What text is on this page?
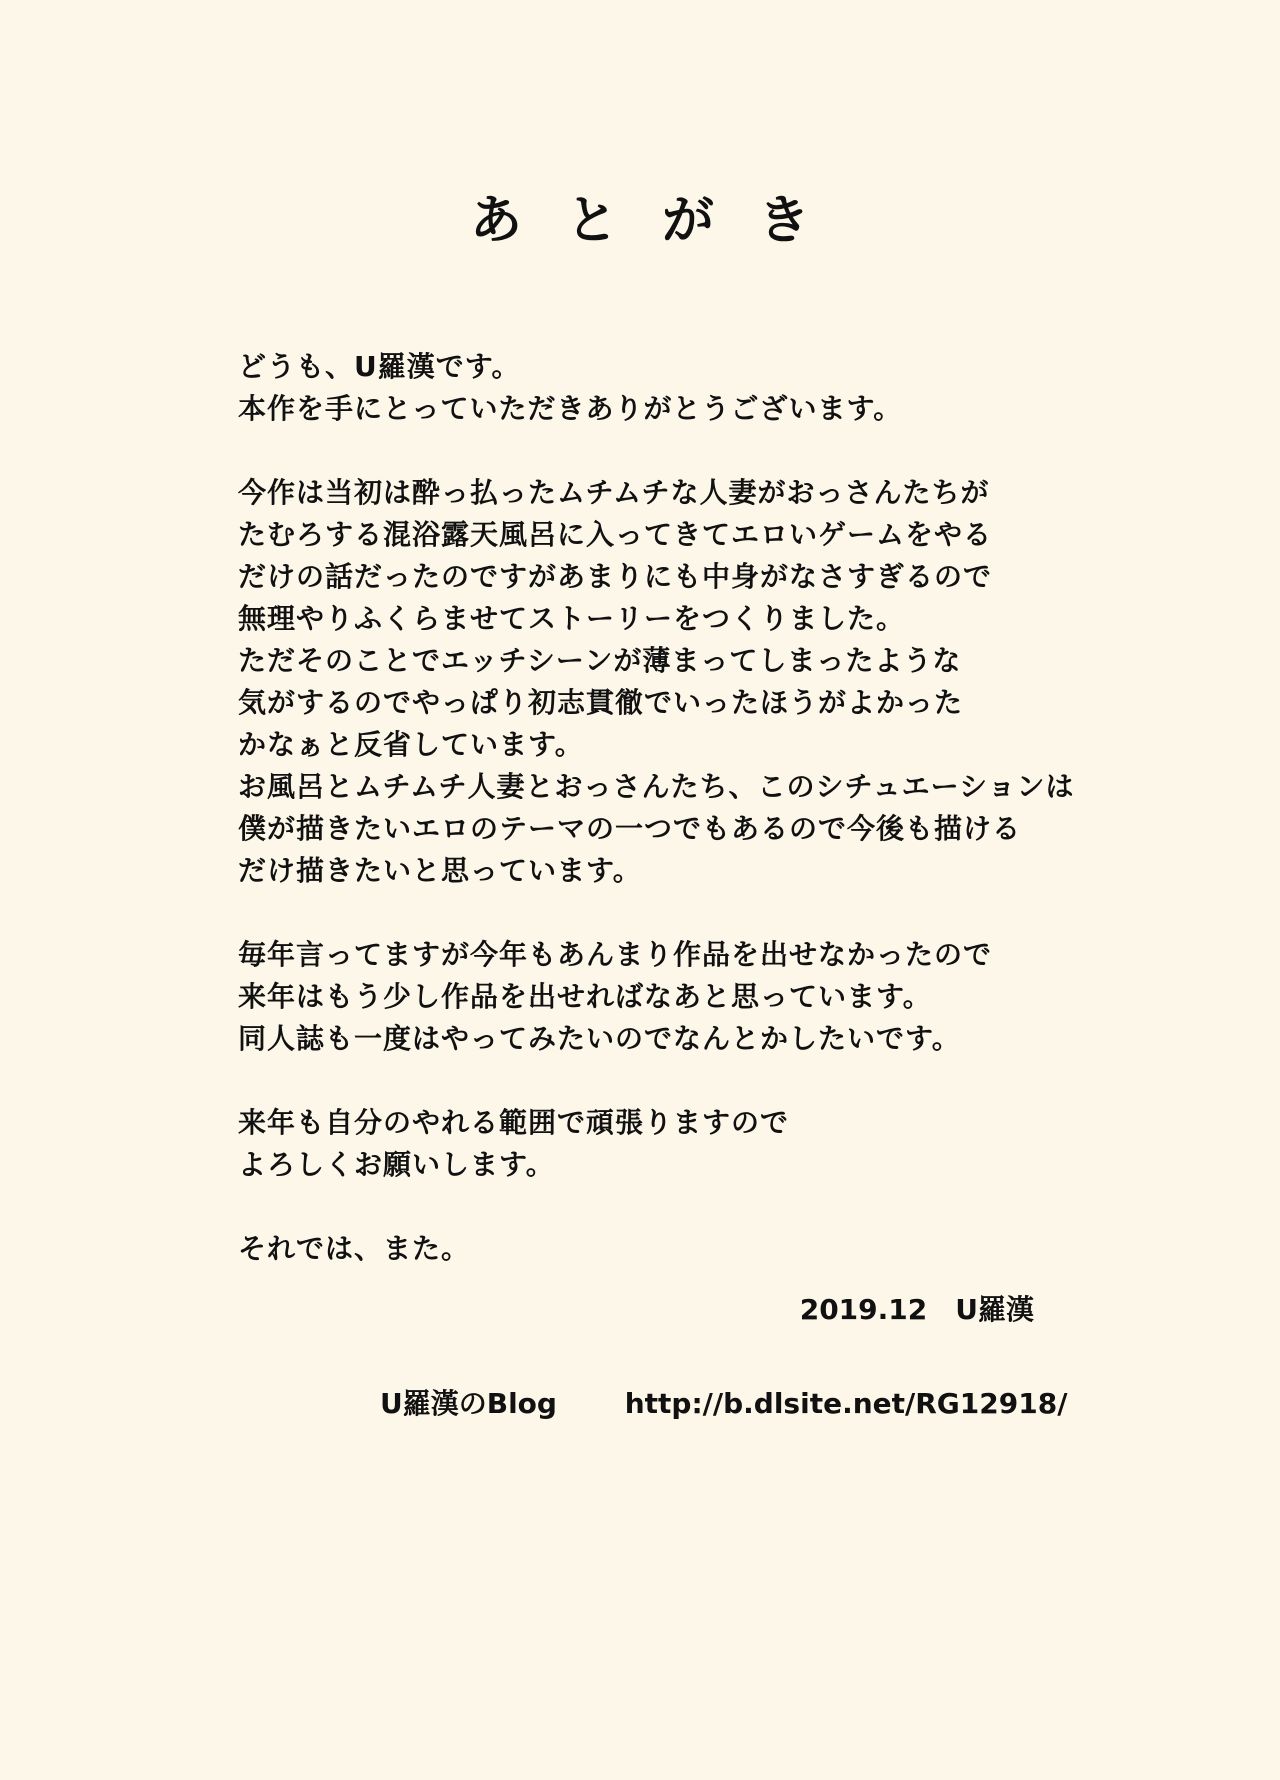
あとがき
どうも、U羅漢です。
本作を手にとっていただきありがとうございます。
今作は当初は酔っ払ったムチムチな人妻がおっさんたちが
たむろする混浴露天風呂に入ってきてエロいゲームをやる
だけの話だったのですがあまりにも中身がなさすぎるので
無理やりふくらませてストーリーをつくりました。
ただそのことでエッチシーンが薄まってしまったような
気がするのでやっぱり初志貫徹でいったほうがよかった
かなぁと反省しています。
お風呂とムチムチ人妻とおっさんたち、このシチュエーションは
僕が描きたいエロのテーマの一つでもあるので今後も描ける
だけ描きたいと思っています。
毎年言ってますが今年もあんまり作品を出せなかったので
来年はもう少し作品を出せればなあと思っています。
同人誌も一度はやってみたいのでなんとかしたいです。
来年も自分のやれる範囲で頑張りますので
よろしくお願いします。
それでは、また。
2019.12　U羅漢
U羅漢のBlog http://b.dlsite.net/RG12918/
